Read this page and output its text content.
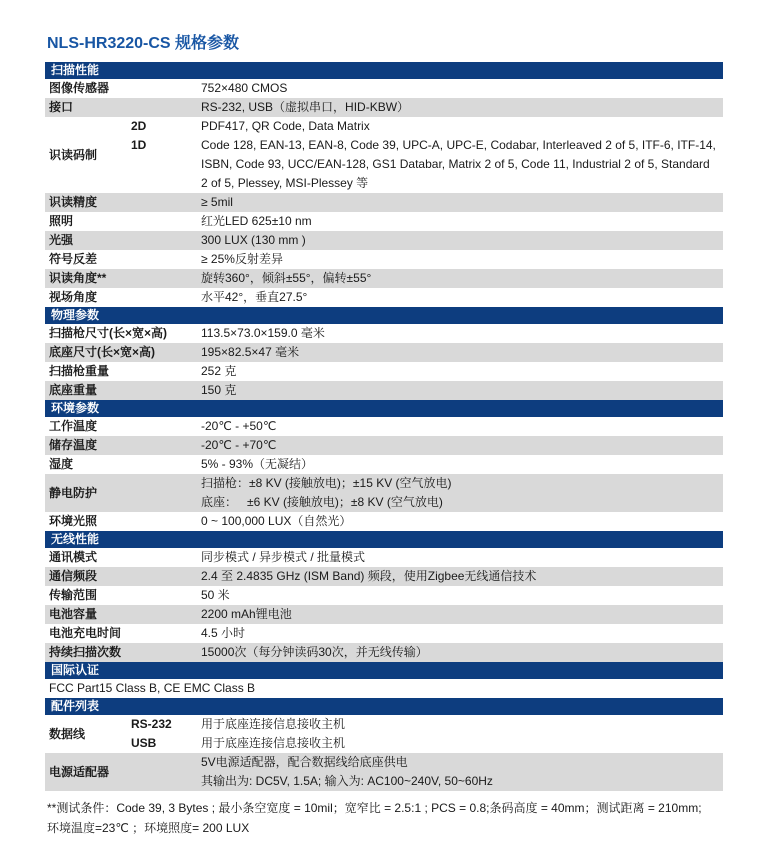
NLS-HR3220-CS 规格参数
扫描性能
图像传感器	752×480 CMOS
接口	RS-232, USB（虚拟串口，HID-KBW）
识读码制
2D	PDF417, QR Code, Data Matrix
1D	Code 128, EAN-13, EAN-8, Code 39, UPC-A, UPC-E, Codabar, Interleaved 2 of 5, ITF-6, ITF-14, ISBN, Code 93, UCC/EAN-128, GS1 Databar, Matrix 2 of 5, Code 11, Industrial 2 of 5, Standard 2 of 5, Plessey, MSI-Plessey 等
识读精度	≥ 5mil
照明	红光LED 625±10 nm
光强	300 LUX (130 mm )
符号反差	≥ 25%反射差异
识读角度**	旋转360°，倾斜±55°，偏转±55°
视场角度	水平42°，垂直27.5°
物理参数
扫描枪尺寸(长×宽×高)	113.5×73.0×159.0 毫米
底座尺寸(长×宽×高)	195×82.5×47 毫米
扫描枪重量	252 克
底座重量	150 克
环境参数
工作温度	-20℃ - +50℃
储存温度	-20℃ - +70℃
湿度	5% - 93%（无凝结）
静电防护
扫描枪：±8 KV (接触放电)；±15 KV (空气放电)
底座：   ±6 KV (接触放电)；±8 KV (空气放电)
环境光照	0 ~ 100,000 LUX（自然光）
无线性能
通讯模式	同步模式 / 异步模式 / 批量模式
通信频段	2.4 至 2.4835 GHz (ISM Band) 频段，使用Zigbee无线通信技术
传输范围	50 米
电池容量	2200 mAh锂电池
电池充电时间	4.5 小时
持续扫描次数	15000次（每分钟读码30次，并无线传输）
国际认证
FCC Part15 Class B, CE EMC Class B
配件列表
数据线
RS-232	用于底座连接信息接收主机
USB	用于底座连接信息接收主机
电源适配器
5V电源适配器，配合数据线给底座供电
其输出为: DC5V, 1.5A; 输入为: AC100~240V, 50~60Hz
**测试条件：Code 39, 3 Bytes ; 最小条空宽度 = 10mil；宽窄比 = 2.5:1 ; PCS = 0.8;条码高度 = 40mm；测试距离 = 210mm;
环境温度=23℃ ；环境照度= 200 LUX
